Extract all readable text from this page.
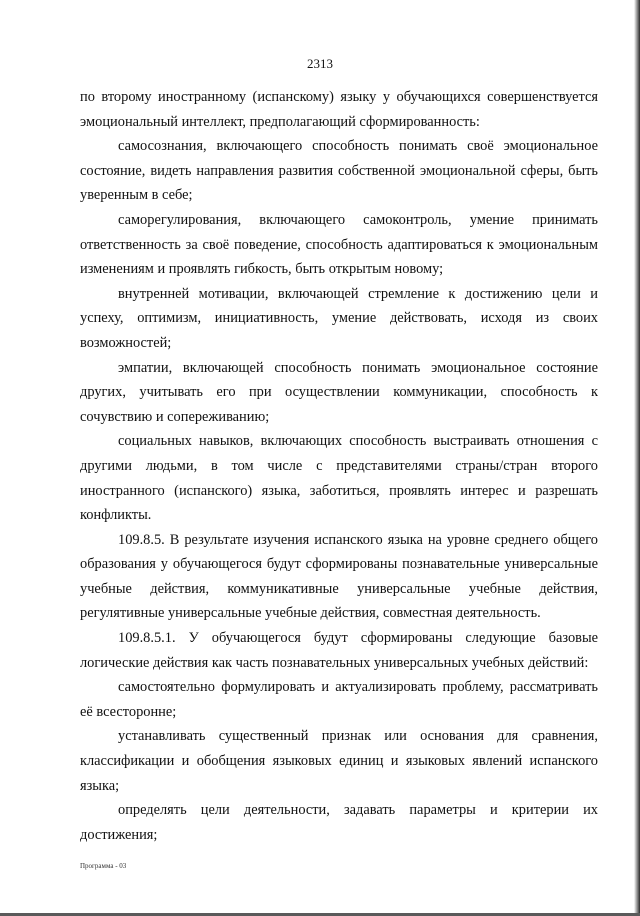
2313

по второму иностранному (испанскому) языку у обучающихся совершенствуется эмоциональный интеллект, предполагающий сформированность:

самосознания, включающего способность понимать своё эмоциональное состояние, видеть направления развития собственной эмоциональной сферы, быть уверенным в себе;

саморегулирования, включающего самоконтроль, умение принимать ответственность за своё поведение, способность адаптироваться к эмоциональным изменениям и проявлять гибкость, быть открытым новому;

внутренней мотивации, включающей стремление к достижению цели и успеху, оптимизм, инициативность, умение действовать, исходя из своих возможностей;

эмпатии, включающей способность понимать эмоциональное состояние других, учитывать его при осуществлении коммуникации, способность к сочувствию и сопереживанию;

социальных навыков, включающих способность выстраивать отношения с другими людьми, в том числе с представителями страны/стран второго иностранного (испанского) языка, заботиться, проявлять интерес и разрешать конфликты.

109.8.5. В результате изучения испанского языка на уровне среднего общего образования у обучающегося будут сформированы познавательные универсальные учебные действия, коммуникативные универсальные учебные действия, регулятивные универсальные учебные действия, совместная деятельность.

109.8.5.1. У обучающегося будут сформированы следующие базовые логические действия как часть познавательных универсальных учебных действий:

самостоятельно формулировать и актуализировать проблему, рассматривать её всесторонне;

устанавливать существенный признак или основания для сравнения, классификации и обобщения языковых единиц и языковых явлений испанского языка;

определять цели деятельности, задавать параметры и критерии их достижения;

Программа - 03
